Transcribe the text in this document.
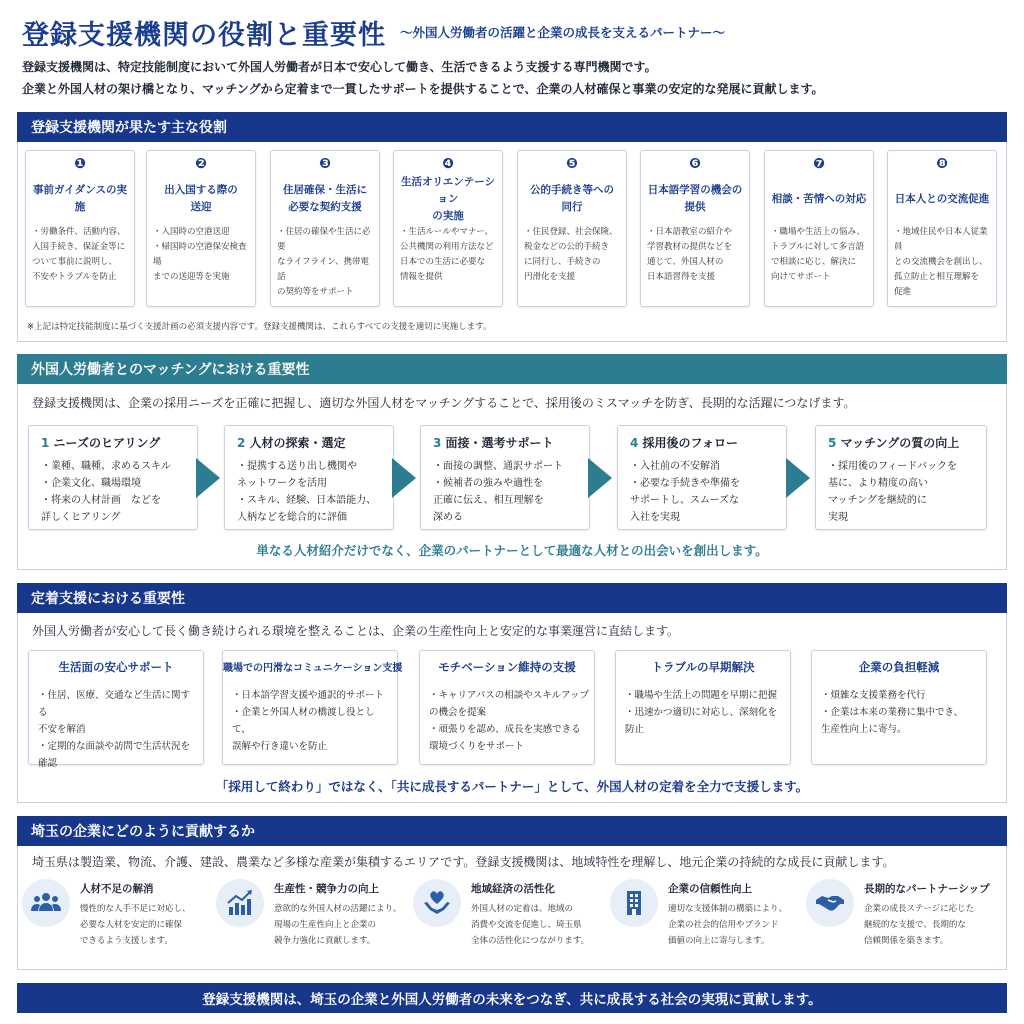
登録支援機関の役割と重要性 〜外国人労働者の活躍と企業の成長を支えるパートナー〜
登録支援機関は、特定技能制度において外国人労働者が日本で安心して働き、生活できるよう支援する専門機関です。
企業と外国人材の架け橋となり、マッチングから定着まで一貫したサポートを提供することで、企業の人材確保と事業の安定的な発展に貢献します。
登録支援機関が果たす主な役割
❶
事前ガイダンスの実施
・労働条件、活動内容、
入国手続き、保証金等に
ついて事前に説明し、
不安やトラブルを防止
❷
出入国する際の
送迎
・入国時の空港送迎
・帰国時の空港保安検査場
までの送迎等を実施
❸
住居確保・生活に
必要な契約支援
・住居の確保や生活に必要
なライフライン、携帯電話
の契約等をサポート
❹
生活オリエンテーション
の実施
・生活ルールやマナー、
公共機関の利用方法など
日本での生活に必要な
情報を提供
❺
公的手続き等への
同行
・住民登録、社会保険、
税金などの公的手続き
に同行し、手続きの
円滑化を支援
❻
日本語学習の機会の
提供
・日本語教室の紹介や
学習教材の提供などを
通じて、外国人材の
日本語習得を支援
❼
相談・苦情への対応
・職場や生活上の悩み、
トラブルに対して多言語
で相談に応じ、解決に
向けてサポート
❽
日本人との交流促進
・地域住民や日本人従業員
との交流機会を創出し、
孤立防止と相互理解を
促進
※上記は特定技能制度に基づく支援計画の必須支援内容です。登録支援機関は、これらすべての支援を適切に実施します。
外国人労働者とのマッチングにおける重要性
登録支援機関は、企業の採用ニーズを正確に把握し、適切な外国人材をマッチングすることで、採用後のミスマッチを防ぎ、長期的な活躍につなげます。
1 ニーズのヒアリング
・業種、職種、求めるスキル
・企業文化、職場環境
・将来の人材計画　などを
詳しくヒアリング
2 人材の探索・選定
・提携する送り出し機関や
ネットワークを活用
・スキル、経験、日本語能力、
人柄などを総合的に評価
3 面接・選考サポート
・面接の調整、通訳サポート
・候補者の強みや適性を
正確に伝え、相互理解を
深める
4 採用後のフォロー
・入社前の不安解消
・必要な手続きや準備を
サポートし、スムーズな
入社を実現
5 マッチングの質の向上
・採用後のフィードバックを
基に、より精度の高い
マッチングを継続的に
実現
単なる人材紹介だけでなく、企業のパートナーとして最適な人材との出会いを創出します。
定着支援における重要性
外国人労働者が安心して長く働き続けられる環境を整えることは、企業の生産性向上と安定的な事業運営に直結します。
生活面の安心サポート
・住居、医療、交通など生活に関する
不安を解消
・定期的な面談や訪問で生活状況を
確認
職場での円滑なコミュニケーション支援
・日本語学習支援や通訳的サポート
・企業と外国人材の橋渡し役として、
誤解や行き違いを防止
モチベーション維持の支援
・キャリアパスの相談やスキルアップ
の機会を提案
・頑張りを認め、成長を実感できる
環境づくりをサポート
トラブルの早期解決
・職場や生活上の問題を早期に把握
・迅速かつ適切に対応し、深刻化を
防止
企業の負担軽減
・煩雑な支援業務を代行
・企業は本来の業務に集中でき、
生産性向上に寄与。
「採用して終わり」ではなく、「共に成長するパートナー」として、外国人材の定着を全力で支援します。
埼玉の企業にどのように貢献するか
埼玉県は製造業、物流、介護、建設、農業など多様な産業が集積するエリアです。登録支援機関は、地域特性を理解し、地元企業の持続的な成長に貢献します。
人材不足の解消
慢性的な人手不足に対応し、
必要な人材を安定的に確保
できるよう支援します。
生産性・競争力の向上
意欲的な外国人材の活躍により、
現場の生産性向上と企業の
競争力強化に貢献します。
地域経済の活性化
外国人材の定着は、地域の
消費や交流を促進し、埼玉県
全体の活性化につながります。
企業の信頼性向上
適切な支援体制の構築により、
企業の社会的信用やブランド
価値の向上に寄与します。
長期的なパートナーシップ
企業の成長ステージに応じた
継続的な支援で、長期的な
信頼関係を築きます。
登録支援機関は、埼玉の企業と外国人労働者の未来をつなぎ、共に成長する社会の実現に貢献します。
